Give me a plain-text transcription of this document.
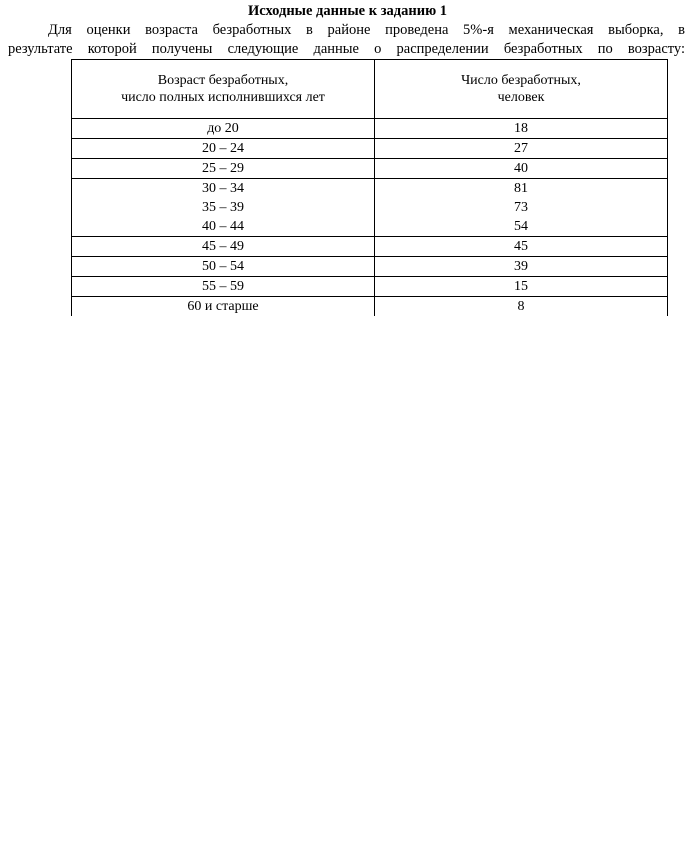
Исходные данные к заданию 1
Для оценки возраста безработных в районе проведена 5%-я механическая выборка, в
результате которой получены следующие данные о распределении безработных по возрасту:
Возраст безработных,
число полных исполнившихся лет	Число безработных,
человек
до 20	18
20 – 24	27
25 – 29	40
30 – 34	81
35 – 39	73
40 – 44	54
45 – 49	45
50 – 54	39
55 – 59	15
60 и старше	8
